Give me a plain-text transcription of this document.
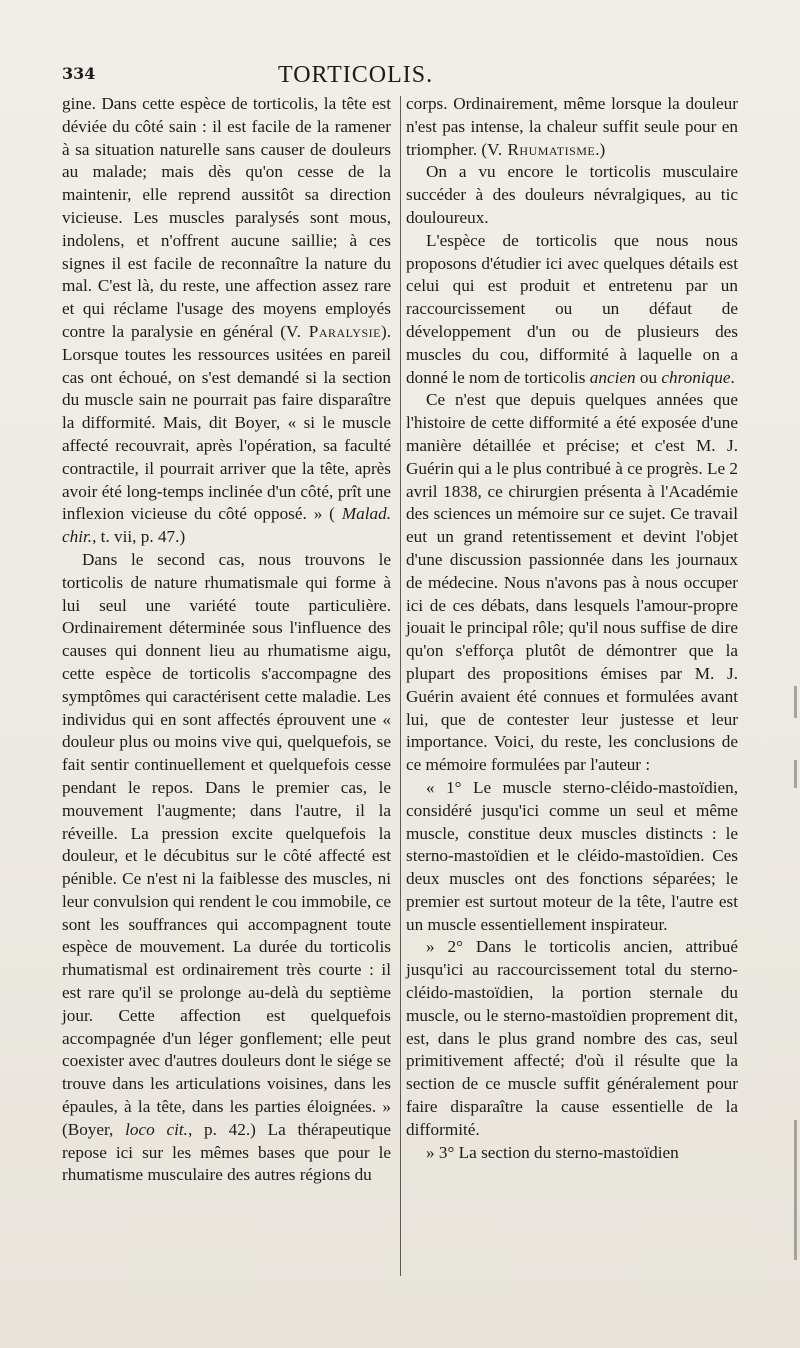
334	TORTICOLIS.

gine. Dans cette espèce de torticolis, la tête est déviée du côté sain : il est facile de la ramener à sa situation naturelle sans causer de douleurs au malade; mais dès qu'on cesse de la maintenir, elle reprend aussitôt sa direction vicieuse. Les muscles paralysés sont mous, indolens, et n'offrent aucune saillie; à ces signes il est facile de reconnaître la nature du mal. C'est là, du reste, une affection assez rare et qui réclame l'usage des moyens employés contre la paralysie en général (V. Paralysie). Lorsque toutes les ressources usitées en pareil cas ont échoué, on s'est demandé si la section du muscle sain ne pourrait pas faire disparaître la difformité. Mais, dit Boyer, « si le muscle affecté recouvrait, après l'opération, sa faculté contractile, il pourrait arriver que la tête, après avoir été long-temps inclinée d'un côté, prît une inflexion vicieuse du côté opposé. » ( Malad. chir., t. vii, p. 47.)

Dans le second cas, nous trouvons le torticolis de nature rhumatismale qui forme à lui seul une variété toute particulière. Ordinairement déterminée sous l'influence des causes qui donnent lieu au rhumatisme aigu, cette espèce de torticolis s'accompagne des symptômes qui caractérisent cette maladie. Les individus qui en sont affectés éprouvent une « douleur plus ou moins vive qui, quelquefois, se fait sentir continuellement et quelquefois cesse pendant le repos. Dans le premier cas, le mouvement l'augmente; dans l'autre, il la réveille. La pression excite quelquefois la douleur, et le décubitus sur le côté affecté est pénible. Ce n'est ni la faiblesse des muscles, ni leur convulsion qui rendent le cou immobile, ce sont les souffrances qui accompagnent toute espèce de mouvement. La durée du torticolis rhumatismal est ordinairement très courte : il est rare qu'il se prolonge au-delà du septième jour. Cette affection est quelquefois accompagnée d'un léger gonflement; elle peut coexister avec d'autres douleurs dont le siége se trouve dans les articulations voisines, dans les épaules, à la tête, dans les parties éloignées. » (Boyer, loco cit., p. 42.) La thérapeutique repose ici sur les mêmes bases que pour le rhumatisme musculaire des autres régions du

corps. Ordinairement, même lorsque la douleur n'est pas intense, la chaleur suffit seule pour en triompher. (V. Rhumatisme.)

On a vu encore le torticolis musculaire succéder à des douleurs névralgiques, au tic douloureux.

L'espèce de torticolis que nous nous proposons d'étudier ici avec quelques détails est celui qui est produit et entretenu par un raccourcissement ou un défaut de développement d'un ou de plusieurs des muscles du cou, difformité à laquelle on a donné le nom de torticolis ancien ou chronique.

Ce n'est que depuis quelques années que l'histoire de cette difformité a été exposée d'une manière détaillée et précise; et c'est M. J. Guérin qui a le plus contribué à ce progrès. Le 2 avril 1838, ce chirurgien présenta à l'Académie des sciences un mémoire sur ce sujet. Ce travail eut un grand retentissement et devint l'objet d'une discussion passionnée dans les journaux de médecine. Nous n'avons pas à nous occuper ici de ces débats, dans lesquels l'amour-propre jouait le principal rôle; qu'il nous suffise de dire qu'on s'efforça plutôt de démontrer que la plupart des propositions émises par M. J. Guérin avaient été connues et formulées avant lui, que de contester leur justesse et leur importance. Voici, du reste, les conclusions de ce mémoire formulées par l'auteur :

« 1° Le muscle sterno-cléido-mastoïdien, considéré jusqu'ici comme un seul et même muscle, constitue deux muscles distincts : le sterno-mastoïdien et le cléido-mastoïdien. Ces deux muscles ont des fonctions séparées; le premier est surtout moteur de la tête, l'autre est un muscle essentiellement inspirateur.

» 2° Dans le torticolis ancien, attribué jusqu'ici au raccourcissement total du sterno-cléido-mastoïdien, la portion sternale du muscle, ou le sterno-mastoïdien proprement dit, est, dans le plus grand nombre des cas, seul primitivement affecté; d'où il résulte que la section de ce muscle suffit généralement pour faire disparaître la cause essentielle de la difformité.

» 3° La section du sterno-mastoïdien
